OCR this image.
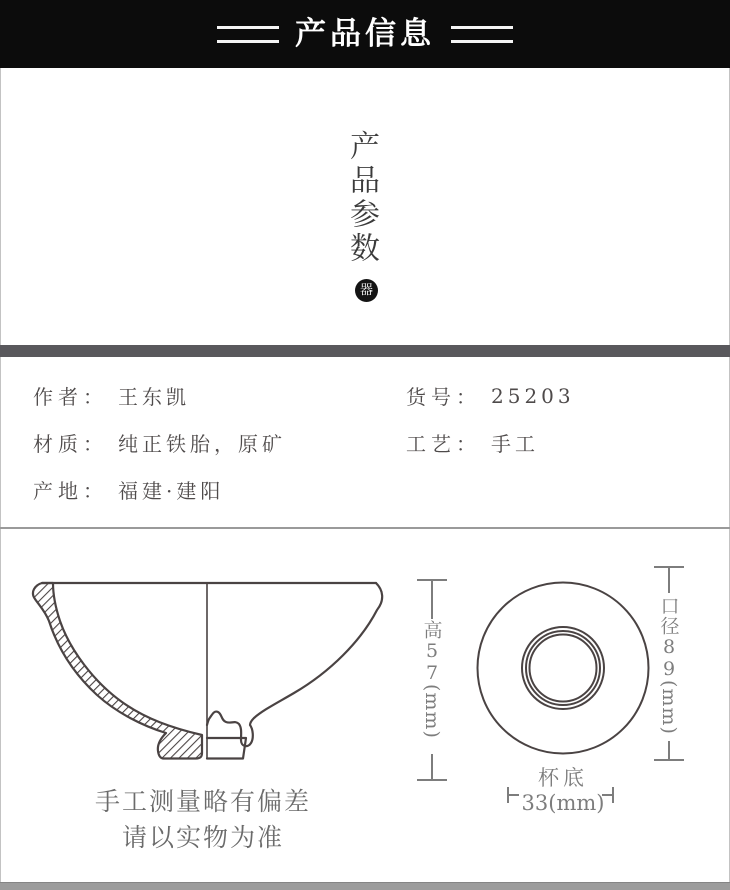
产品信息
产品参数
器
作者： 王东凯
材质： 纯正铁胎，原矿
产地： 福建·建阳
货号： 25203
工艺： 手工
高
57
(mm)
口径
89
(mm)
杯底
33(mm)
手工测量略有偏差
请以实物为准
